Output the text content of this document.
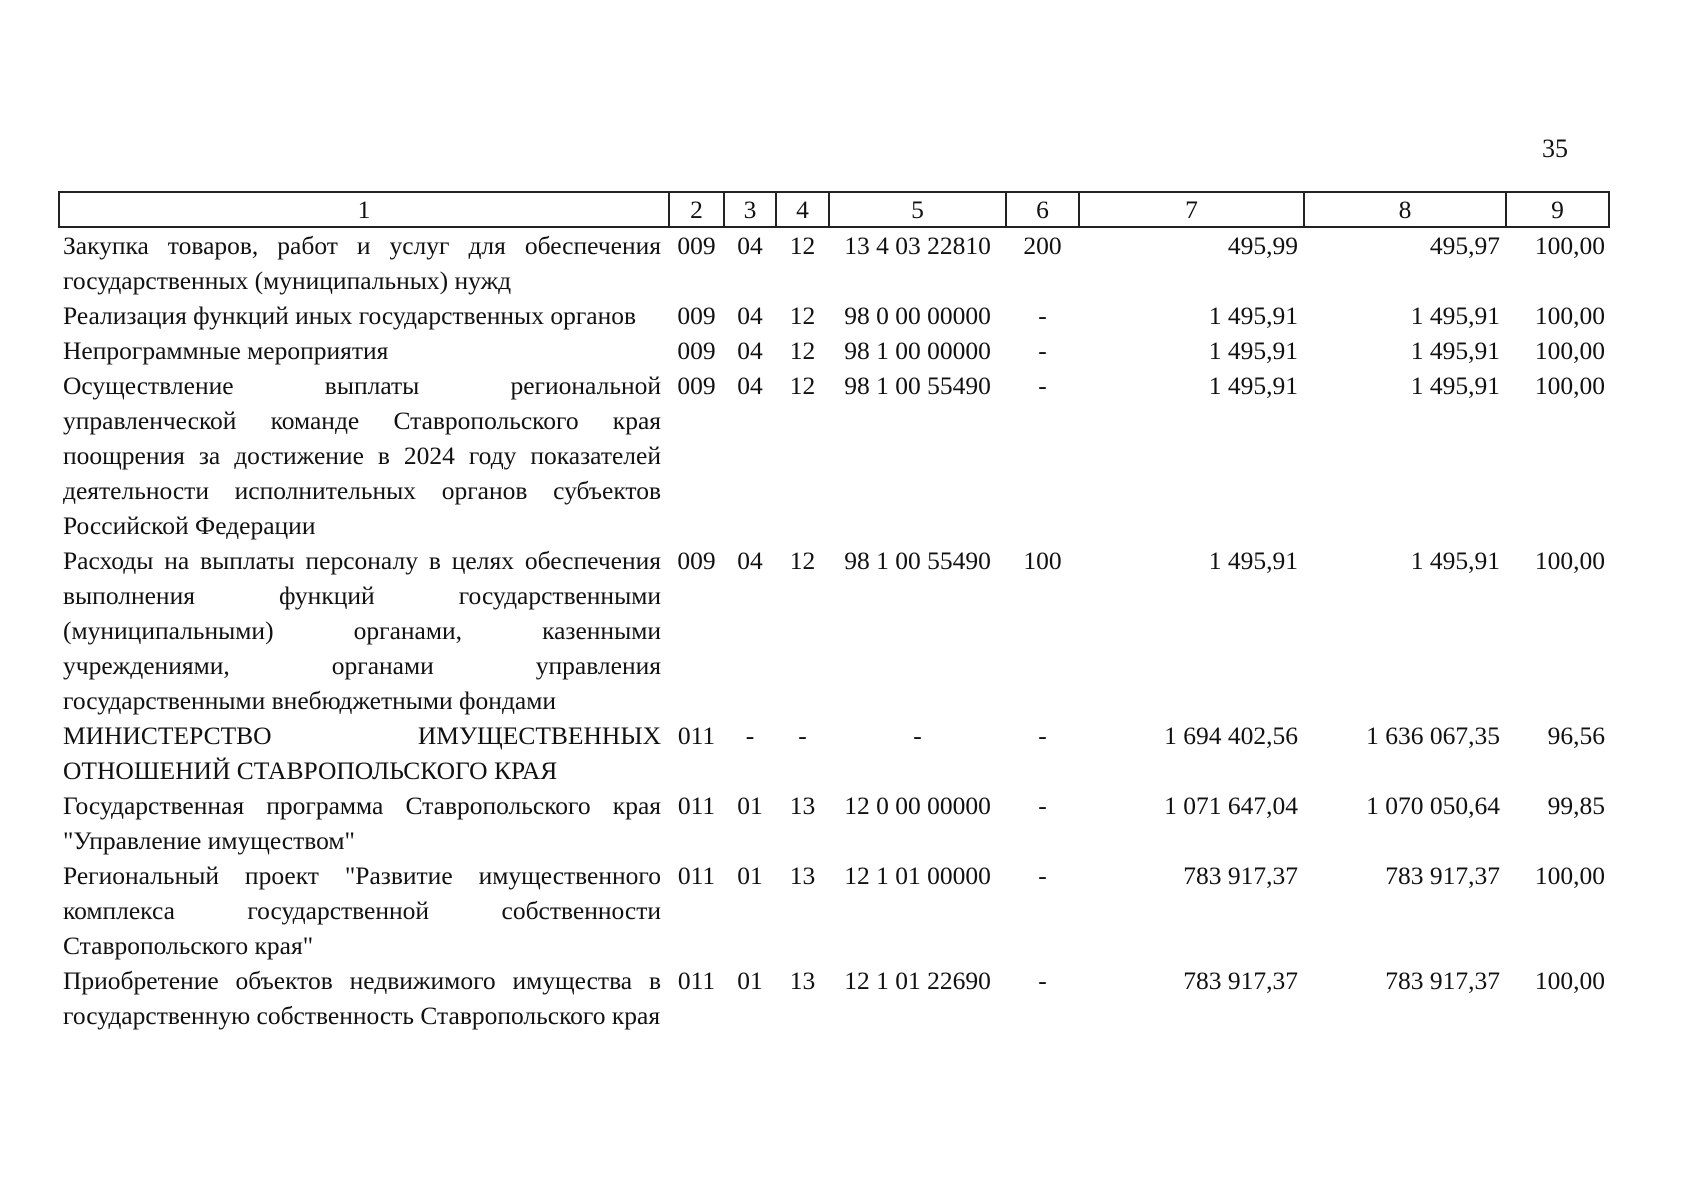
35
1	2	3	4	5	6	7	8	9
Закупка товаров, работ и услуг для обеспечения государственных (муниципальных) нужд	009	04	12	13 4 03 22810	200	495,99	495,97	100,00
Реализация функций иных государственных органов	009	04	12	98 0 00 00000	-	1 495,91	1 495,91	100,00
Непрограммные мероприятия	009	04	12	98 1 00 00000	-	1 495,91	1 495,91	100,00
Осуществление выплаты региональной управленческой команде Ставропольского края поощрения за достижение в 2024 году показателей деятельности исполнительных органов субъектов Российской Федерации	009	04	12	98 1 00 55490	-	1 495,91	1 495,91	100,00
Расходы на выплаты персоналу в целях обеспечения выполнения функций государственными (муниципальными) органами, казенными учреждениями, органами управления государственными внебюджетными фондами	009	04	12	98 1 00 55490	100	1 495,91	1 495,91	100,00
МИНИСТЕРСТВО ИМУЩЕСТВЕННЫХ ОТНОШЕНИЙ СТАВРОПОЛЬСКОГО КРАЯ	011	-	-	-	-	1 694 402,56	1 636 067,35	96,56
Государственная программа Ставропольского края "Управление имуществом"	011	01	13	12 0 00 00000	-	1 071 647,04	1 070 050,64	99,85
Региональный проект "Развитие имущественного комплекса государственной собственности Ставропольского края"	011	01	13	12 1 01 00000	-	783 917,37	783 917,37	100,00
Приобретение объектов недвижимого имущества в государственную собственность Ставропольского края	011	01	13	12 1 01 22690	-	783 917,37	783 917,37	100,00
